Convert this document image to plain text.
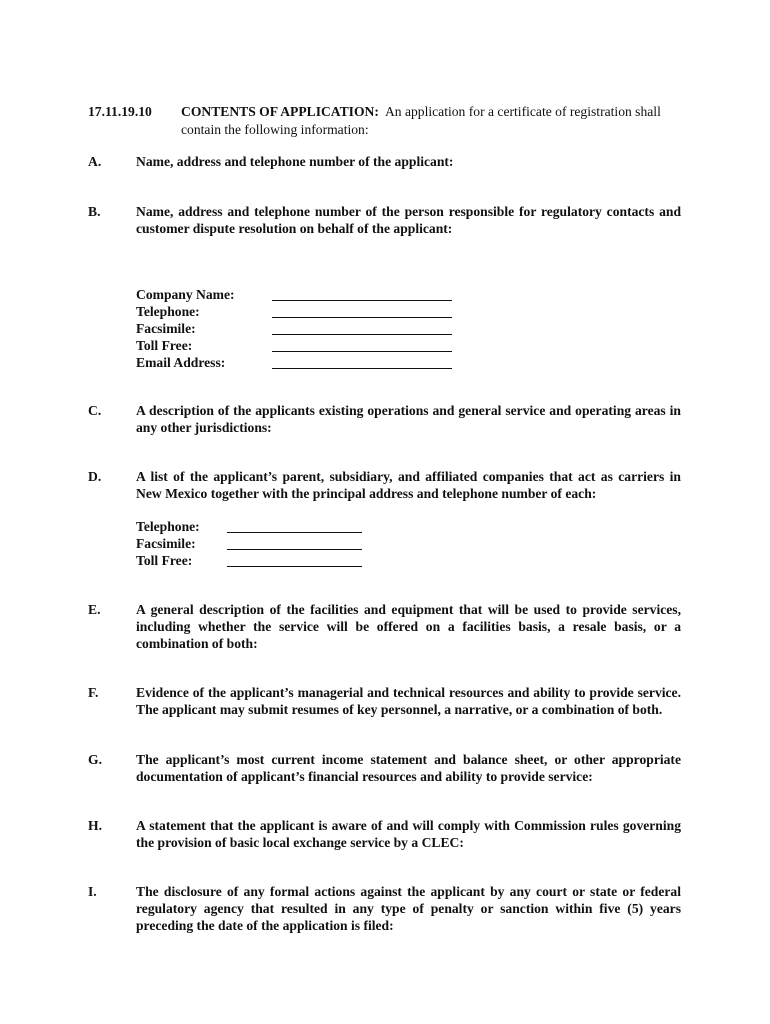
17.11.19.10 CONTENTS OF APPLICATION: An application for a certificate of registration shall
contain the following information:
A.	Name, address and telephone number of the applicant:
B.	Name, address and telephone number of the person responsible for regulatory contacts and customer dispute resolution on behalf of the applicant:
Company Name:
Telephone:
Facsimile:
Toll Free:
Email Address:
C.	A description of the applicants existing operations and general service and operating areas in any other jurisdictions:
D.	A list of the applicant’s parent, subsidiary, and affiliated companies that act as carriers in New Mexico together with the principal address and telephone number of each:
Telephone:
Facsimile:
Toll Free:
E.	A general description of the facilities and equipment that will be used to provide services, including whether the service will be offered on a facilities basis, a resale basis, or a combination of both:
F.	Evidence of the applicant’s managerial and technical resources and ability to provide service. The applicant may submit resumes of key personnel, a narrative, or a combination of both.
G.	The applicant’s most current income statement and balance sheet, or other appropriate documentation of applicant’s financial resources and ability to provide service:
H.	A statement that the applicant is aware of and will comply with Commission rules governing the provision of basic local exchange service by a CLEC:
I.	The disclosure of any formal actions against the applicant by any court or state or federal regulatory agency that resulted in any type of penalty or sanction within five (5) years preceding the date of the application is filed:
